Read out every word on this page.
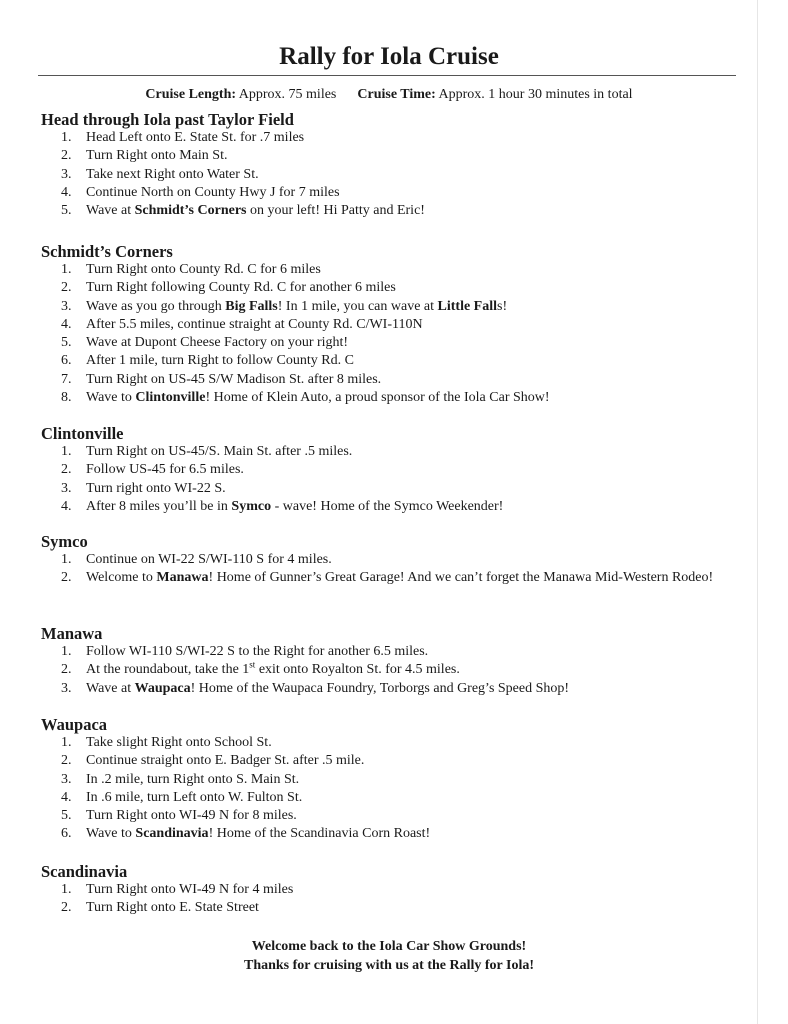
Rally for Iola Cruise
Cruise Length: Approx. 75 miles Cruise Time: Approx. 1 hour 30 minutes in total
Head through Iola past Taylor Field
1.	Head Left onto E. State St. for .7 miles
2.	Turn Right onto Main St.
3.	Take next Right onto Water St.
4.	Continue North on County Hwy J for 7 miles
5.	Wave at Schmidt’s Corners on your left! Hi Patty and Eric!
Schmidt’s Corners
1.	Turn Right onto County Rd. C for 6 miles
2.	Turn Right following County Rd. C for another 6 miles
3.	Wave as you go through Big Falls! In 1 mile, you can wave at Little Falls!
4.	After 5.5 miles, continue straight at County Rd. C/WI-110N
5.	Wave at Dupont Cheese Factory on your right!
6.	After 1 mile, turn Right to follow County Rd. C
7.	Turn Right on US-45 S/W Madison St. after 8 miles.
8.	Wave to Clintonville! Home of Klein Auto, a proud sponsor of the Iola Car Show!
Clintonville
1.	Turn Right on US-45/S. Main St. after .5 miles.
2.	Follow US-45 for 6.5 miles.
3.	Turn right onto WI-22 S.
4.	After 8 miles you’ll be in Symco - wave! Home of the Symco Weekender!
Symco
1.	Continue on WI-22 S/WI-110 S for 4 miles.
2.	Welcome to Manawa! Home of Gunner’s Great Garage! And we can’t forget the Manawa Mid-Western Rodeo!
Manawa
1.	Follow WI-110 S/WI-22 S to the Right for another 6.5 miles.
2.	At the roundabout, take the 1st exit onto Royalton St. for 4.5 miles.
3.	Wave at Waupaca! Home of the Waupaca Foundry, Torborgs and Greg’s Speed Shop!
Waupaca
1.	Take slight Right onto School St.
2.	Continue straight onto E. Badger St. after .5 mile.
3.	In .2 mile, turn Right onto S. Main St.
4.	In .6 mile, turn Left onto W. Fulton St.
5.	Turn Right onto WI-49 N for 8 miles.
6.	Wave to Scandinavia! Home of the Scandinavia Corn Roast!
Scandinavia
1.	Turn Right onto WI-49 N for 4 miles
2.	Turn Right onto E. State Street
Welcome back to the Iola Car Show Grounds!
Thanks for cruising with us at the Rally for Iola!
